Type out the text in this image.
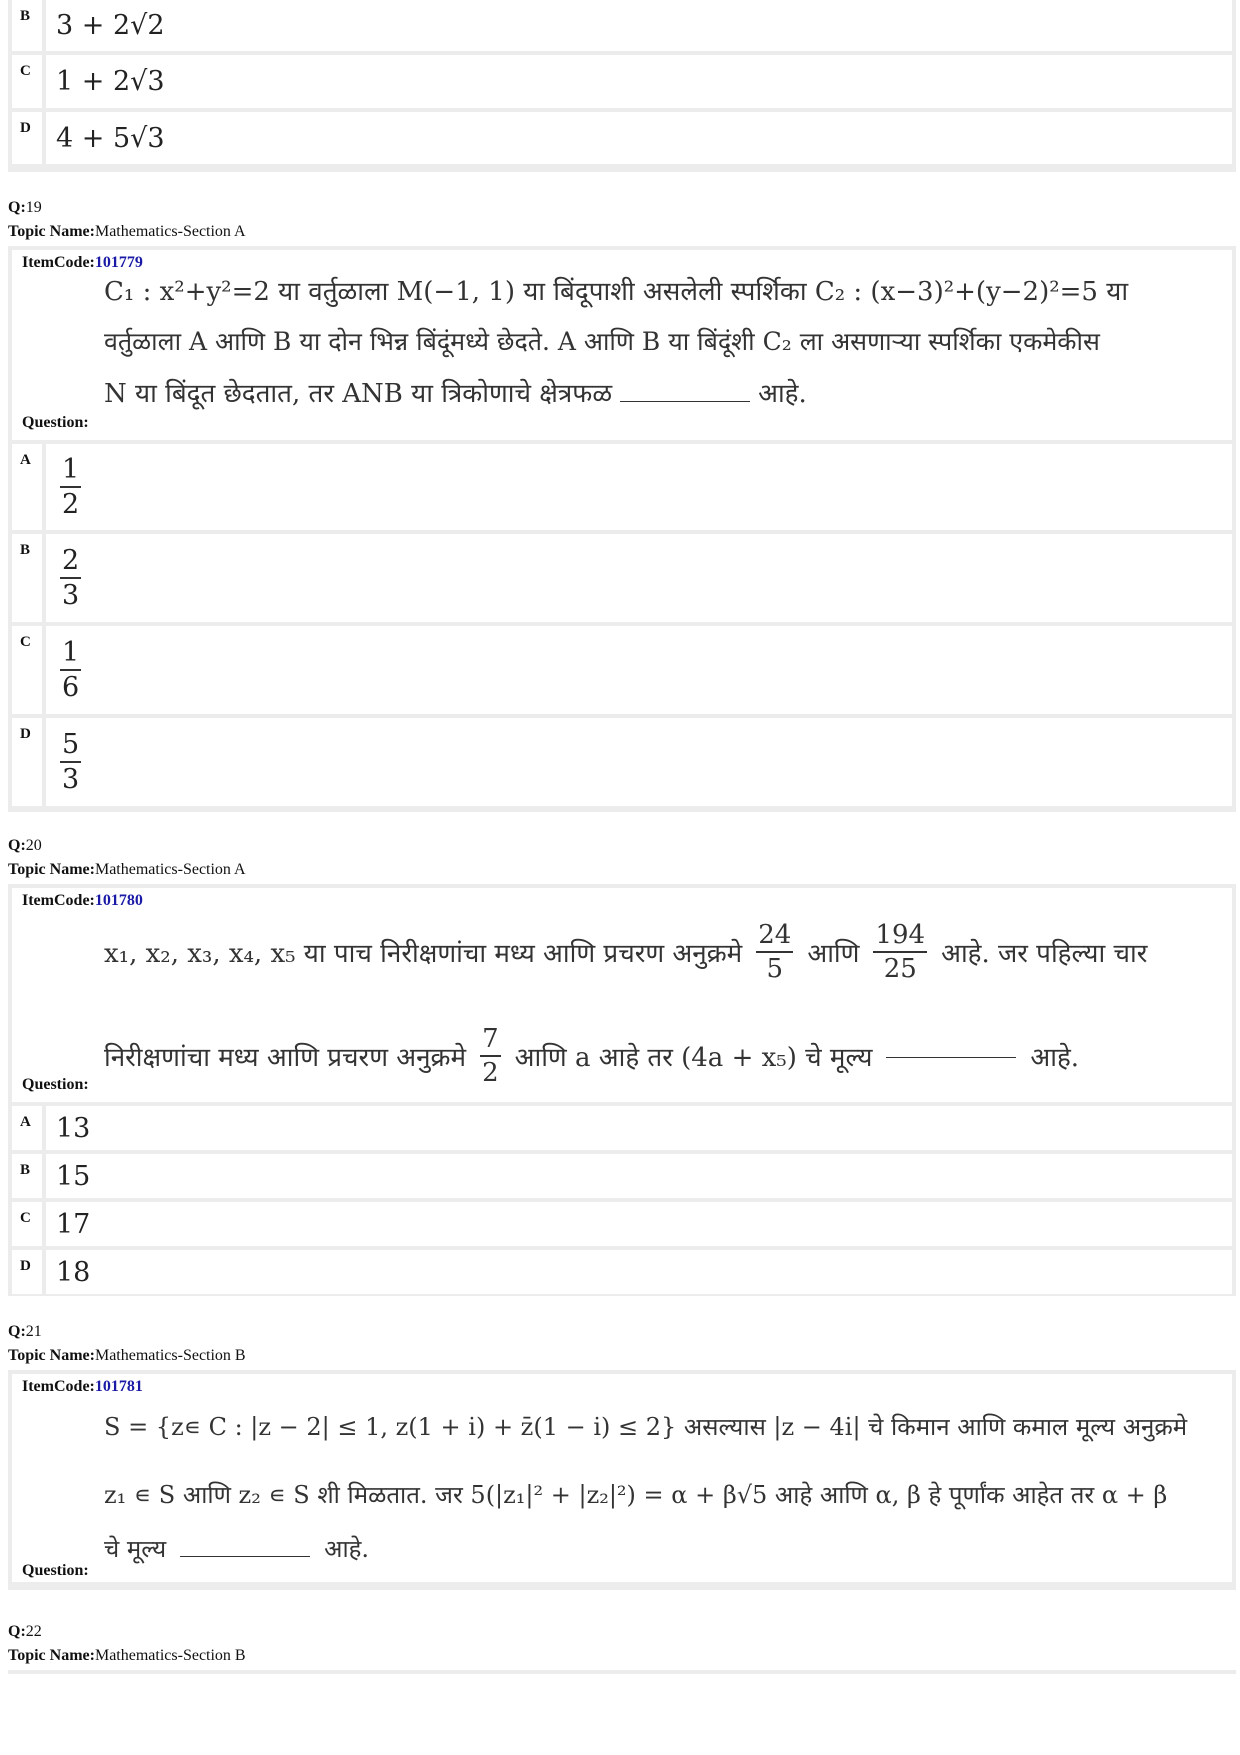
B 3 + 2√2
C 1 + 2√3
D 4 + 5√3
Q:19
Topic Name:Mathematics-Section A
ItemCode:101779
C₁ : x²+y²=2 या वर्तुळाला M(−1, 1) या बिंदूपाशी असलेली स्पर्शिका C₂ : (x−3)²+(y−2)²=5 या
वर्तुळाला A आणि B या दोन भिन्न बिंदूंमध्ये छेदते. A आणि B या बिंदूंशी C₂ ला असणाऱ्या स्पर्शिका एकमेकीस
N या बिंदूत छेदतात, तर ANB या त्रिकोणाचे क्षेत्रफळ	आहे.
Question:
A	$\frac{1}{2}$
B	$\frac{2}{3}$
C	$\frac{1}{6}$
D	$\frac{5}{3}$
Q:20
Topic Name:Mathematics-Section A
ItemCode:101780
x₁, x₂, x₃, x₄, x₅ या पाच निरीक्षणांचा मध्य आणि प्रचरण अनुक्रमे $\frac{24}{5}$ आणि $\frac{194}{25}$ आहे. जर पहिल्या चार
निरीक्षणांचा मध्य आणि प्रचरण अनुक्रमे $\frac{7}{2}$ आणि a आहे तर (4a + x₅) चे मूल्य	आहे.
Question:
A 13
B 15
C 17
D 18
Q:21
Topic Name:Mathematics-Section B
ItemCode:101781
S = {z∊ C : |z − 2| ≤ 1, z(1 + i) + z̄(1 − i) ≤ 2} असल्यास |z − 4i| चे किमान आणि कमाल मूल्य अनुक्रमे
z₁ ∊ S आणि z₂ ∊ S शी मिळतात. जर 5(|z₁|² + |z₂|²) = α + β√5 आहे आणि α, β हे पूर्णांक आहेत तर α + β
चे मूल्य	आहे.
Question:
Q:22
Topic Name:Mathematics-Section B
